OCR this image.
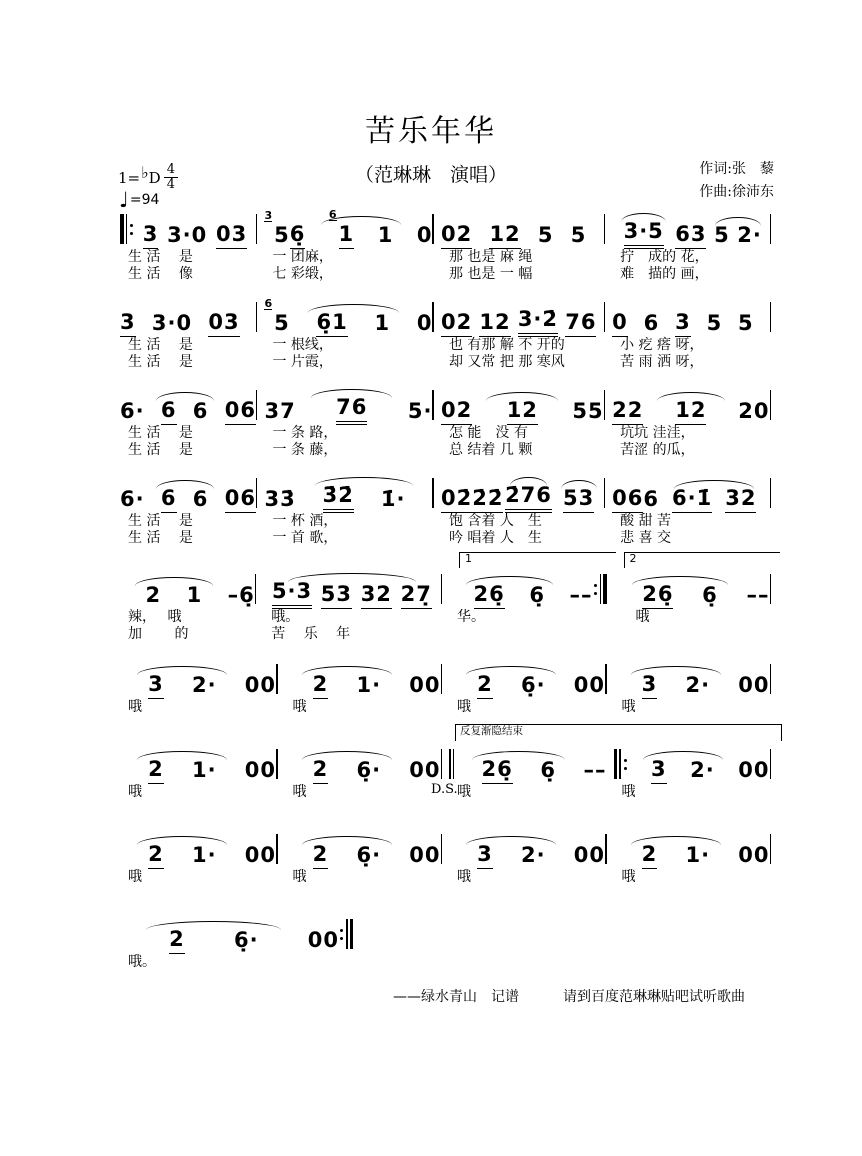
苦乐年华
（范琳琳　演唱）	作词:张　藜
作曲:徐沛东
1= ♭ D $\frac{4}{4}$
♩ =94
3 3·0 03
生 活　 是
生 活　 像
3
5 6̣
6
1 1 0
一 团麻，
七 彩缎，
02 12 5 5
那 也是 麻 绳
那 也是 一 幅
3·5 63 5 2·
拧　成的 花，
难　描的 画，
3 3·0 03
生 活　 是
生 活　 是
6
5 6̣1 1 0
一 根线，
一 片霞，
02 12 3·2̇ 76
也 有那 解 不 开的
却 又常 把 那 寒风
0 6 3 5 5
小 疙 瘩 呀，
苦 雨 洒 呀，
6· 6 6 06
生 活　 是
生 活　 是
3 7 76 5·
一 条 路，
一 条 藤，
02 12 5 5
怎 能　没 有
总 结着 几 颗
22 12 2 0
坑坑 洼洼，
苦涩 的瓜，
6· 6 6 06
生 活　 是
生 活　 是
3 3̇ 3̇2̇ 1̇·
一 杯 酒，
一 首 歌，
02̇ 2̇2̇ 2̇76 53
饱 含着 人　生
吟 唱着 人　生
06 6 6·1̇ 32
酸 甜 苦
悲 喜 交
2 1 – 6̣
辣，　 哦
加　　 的
5·3 53 32 27̣
哦。
苦　 乐　 年
1
26̣ 6̣ – –
华。
2
26̣ 6̣ – –
　哦
3 2· 0 0
哦
2 1· 0 0
哦
2 6̣· 0 0
哦
3 2· 0 0
哦
2 1· 0 0
哦
2 6̣· 0 0
哦
反复渐隐结束
26̣ 6̣ – –
D.S. 哦
3 2· 0 0
哦
2 1· 0 0
哦
2 6̣· 0 0
哦
3 2· 0 0
哦
2 1· 0 0
哦
2 6̣· 0 0
哦。
——绿水青山　记谱	请到百度范琳琳贴吧试听歌曲
